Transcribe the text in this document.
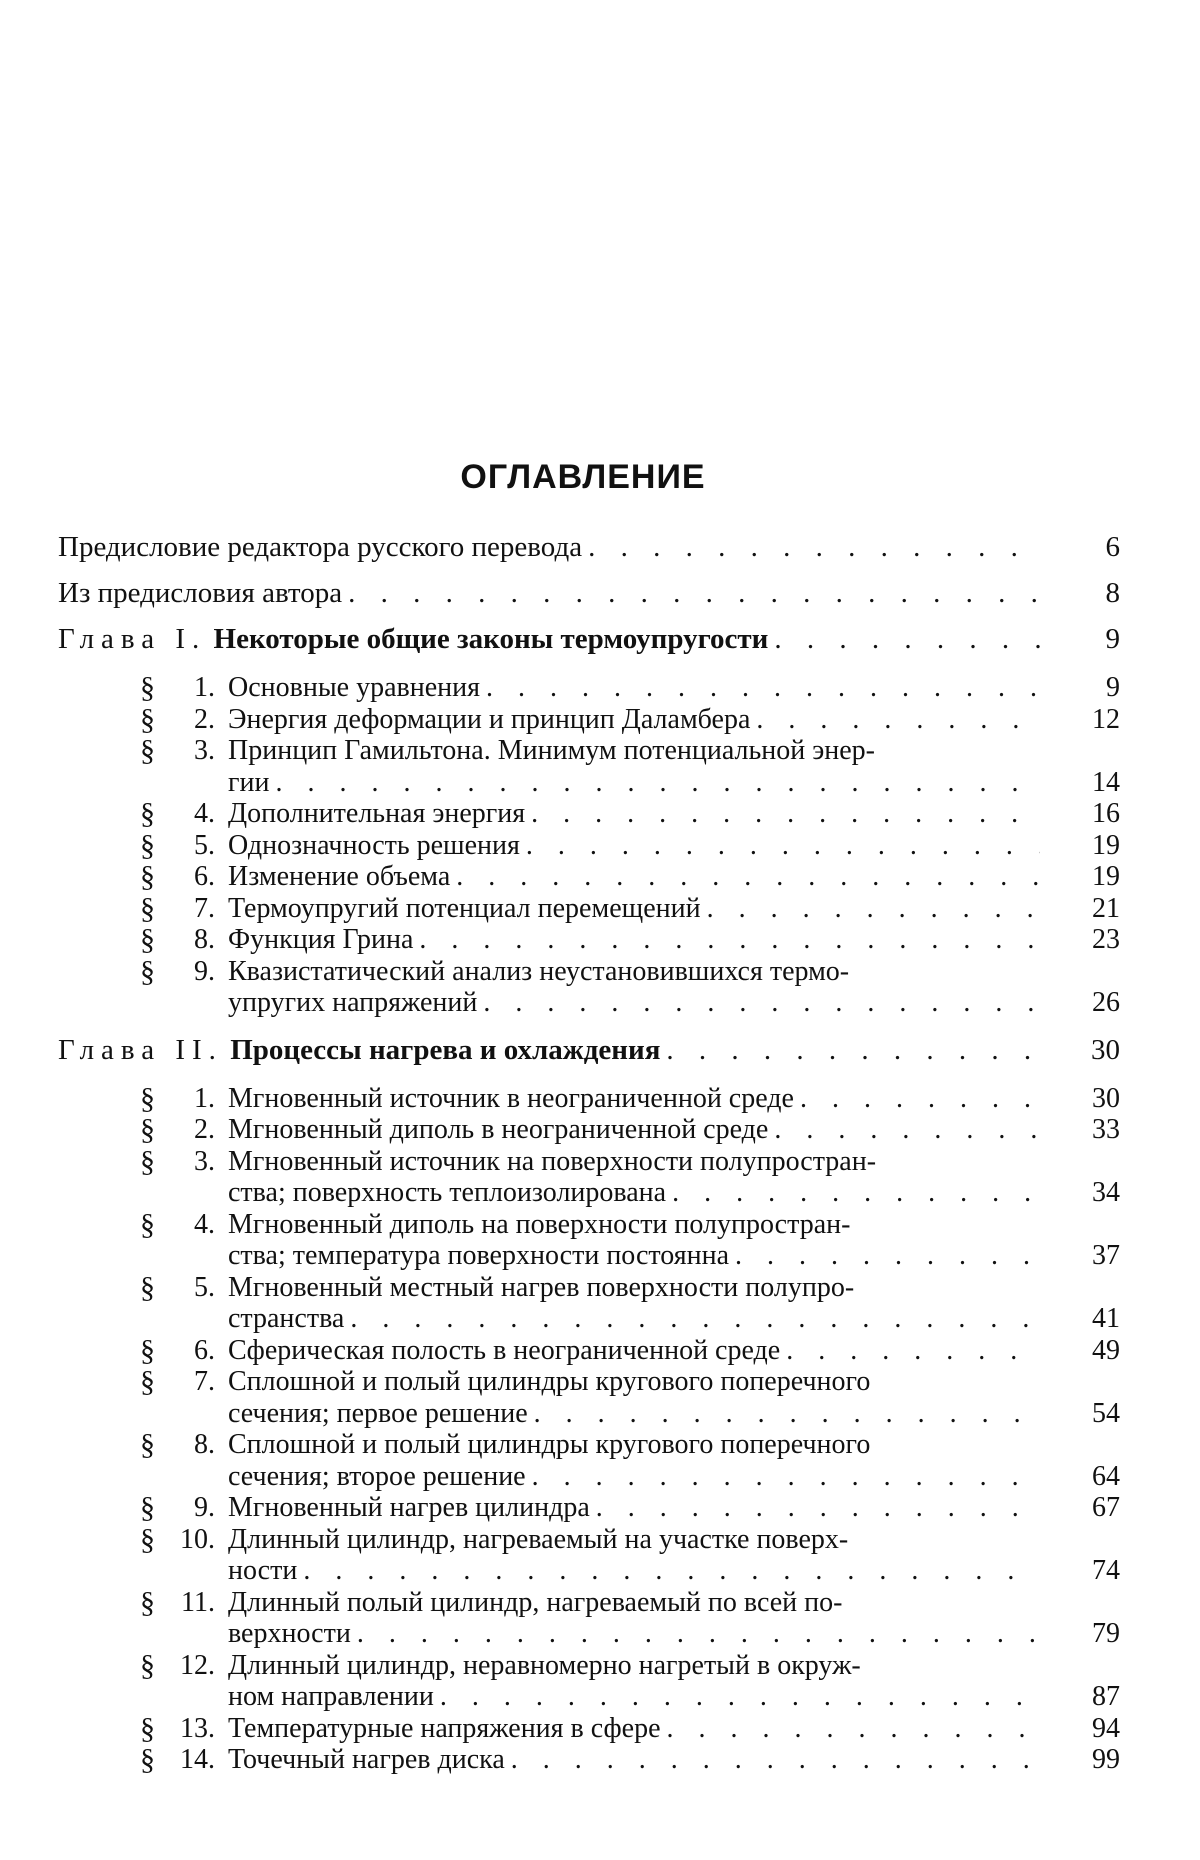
ОГЛАВЛЕНИЕ
Предисловие редактора русского перевода . . .	6
Из предисловия автора . . .	8
Глава I.
Некоторые общие законы термоупругости . . .	9
§	1. Основные уравнения . . .	9
§	2. Энергия деформации и принцип Даламбера . . .	12
§	3. Принцип Гамильтона. Минимум потенциальной энер-
гии . . .	14
§	4. Дополнительная энергия . . .	16
§	5. Однозначность решения . . .	19
§	6. Изменение объема . . .	19
§	7. Термоупругий потенциал перемещений . . .	21
§	8. Функция Грина . . .	23
§	9. Квазистатический анализ неустановившихся термо-
упругих напряжений . . .	26
Глава II.
Процессы нагрева и охлаждения . . .	30
§	1. Мгновенный источник в неограниченной среде . . .	30
§	2. Мгновенный диполь в неограниченной среде . . .	33
§	3. Мгновенный источник на поверхности полупростран-
ства; поверхность теплоизолирована . . .	34
§	4. Мгновенный диполь на поверхности полупростран-
ства; температура поверхности постоянна . . .	37
§	5. Мгновенный местный нагрев поверхности полупро-
странства . . .	41
§	6. Сферическая полость в неограниченной среде . . .	49
§	7. Сплошной и полый цилиндры кругового поперечного
сечения; первое решение . . .	54
§	8. Сплошной и полый цилиндры кругового поперечного
сечения; второе решение . . .	64
§	9. Мгновенный нагрев цилиндра . . .	67
§ 10. Длинный цилиндр, нагреваемый на участке поверх-
ности . . .	74
§ 11. Длинный полый цилиндр, нагреваемый по всей по-
верхности . . .	79
§ 12. Длинный цилиндр, неравномерно нагретый в окруж-
ном направлении . . .	87
§ 13. Температурные напряжения в сфере . . .	94
§ 14. Точечный нагрев диска . . .	99
